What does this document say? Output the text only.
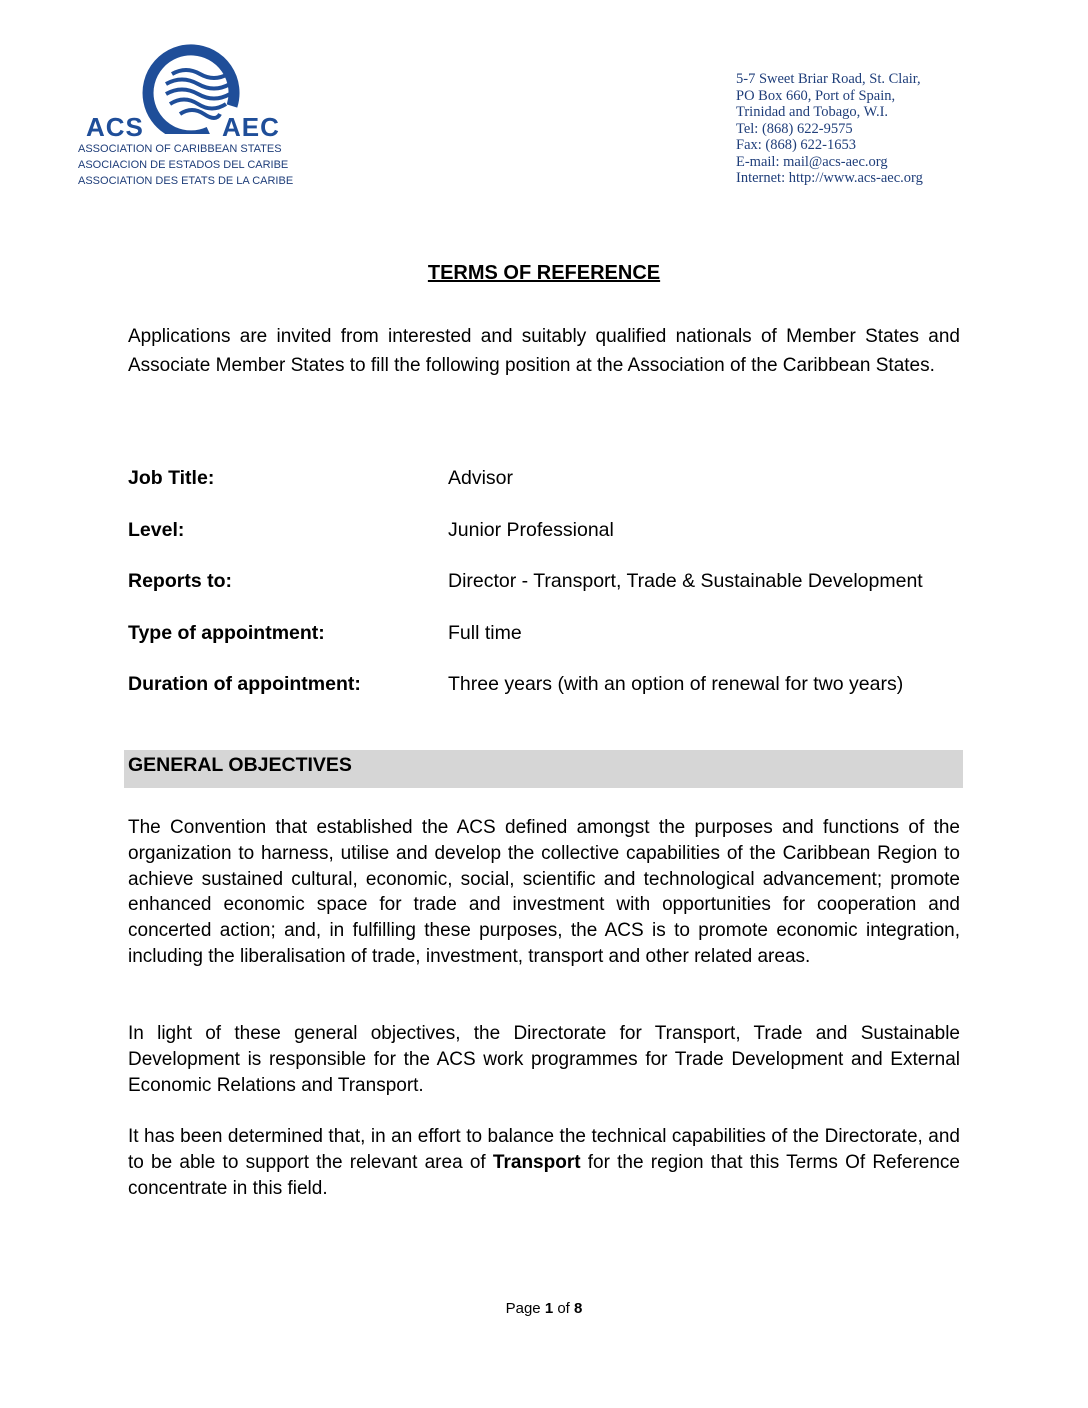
ACS	AEC
ASSOCIATION OF CARIBBEAN STATES
ASOCIACION DE ESTADOS DEL CARIBE
ASSOCIATION DES ETATS DE LA CARIBE
5-7 Sweet Briar Road, St. Clair,
PO Box 660, Port of Spain,
Trinidad and Tobago, W.I.
Tel: (868) 622-9575
Fax: (868) 622-1653
E-mail: mail@acs-aec.org
Internet: http://www.acs-aec.org
TERMS OF REFERENCE

Applications are invited from interested and suitably qualified nationals of Member States and Associate Member States to fill the following position at the Association of the Caribbean States.

Job Title:	Advisor
Level:	Junior Professional
Reports to:	Director - Transport, Trade & Sustainable Development
Type of appointment:	Full time
Duration of appointment:	Three years (with an option of renewal for two years)
GENERAL OBJECTIVES

The Convention that established the ACS defined amongst the purposes and functions of the organization to harness, utilise and develop the collective capabilities of the Caribbean Region to achieve sustained cultural, economic, social, scientific and technological advancement; promote enhanced economic space for trade and investment with opportunities for cooperation and concerted action; and, in fulfilling these purposes, the ACS is to promote economic integration, including the liberalisation of trade, investment, transport and other related areas.

In light of these general objectives, the Directorate for Transport, Trade and Sustainable Development is responsible for the ACS work programmes for Trade Development and External Economic Relations and Transport.

It has been determined that, in an effort to balance the technical capabilities of the Directorate, and to be able to support the relevant area of Transport for the region that this Terms Of Reference concentrate in this field.

Page 1 of 8
